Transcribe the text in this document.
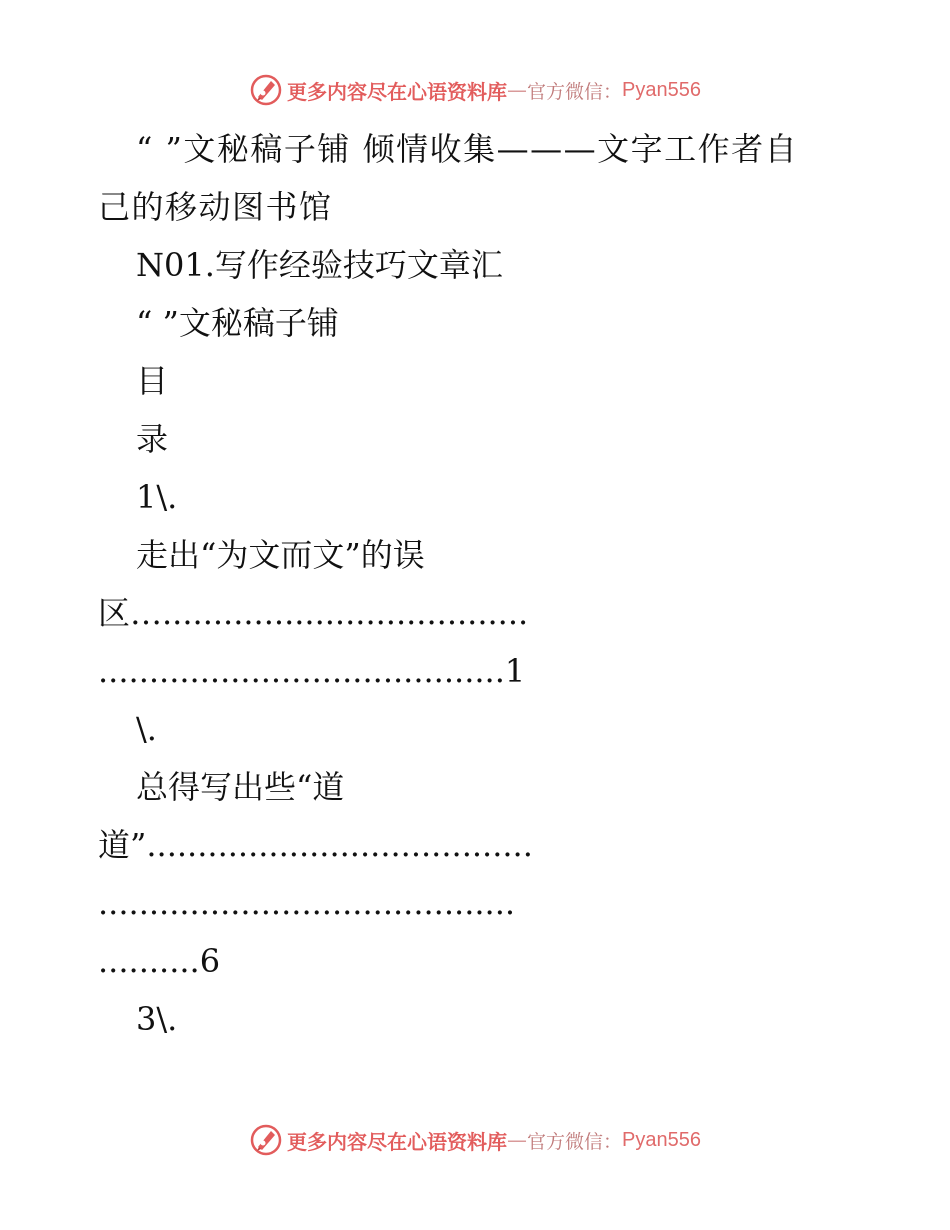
更多内容尽在心语资料库 — 官方微信： Pyan556
“ ”文秘稿子铺 倾情收集———文字工作者自
己的移动图书馆
N01.写作经验技巧文章汇
“ ”文秘稿子铺
目
录
1\.
走出“为文而文”的误
区…....................................
........................................1
\.
总得写出些“道
道”......................................
.........................................
..........6
3\.
更多内容尽在心语资料库 — 官方微信： Pyan556
